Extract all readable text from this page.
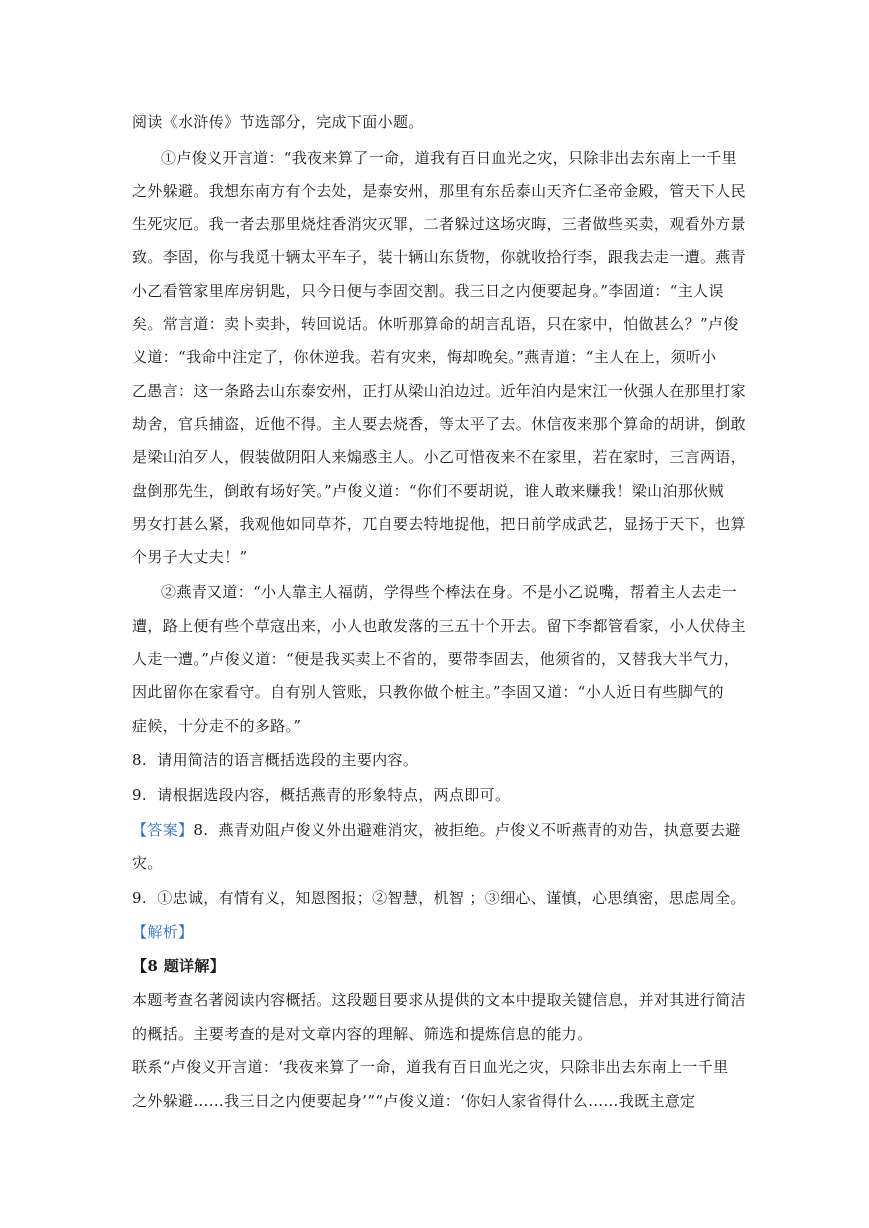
阅读《水浒传》节选部分，完成下面小题。
①卢俊义开言道：“我夜来算了一命，道我有百日血光之灾，只除非出去东南上一千里
之外躲避。我想东南方有个去处，是泰安州，那里有东岳泰山天齐仁圣帝金殿，管天下人民
生死灾厄。我一者去那里烧炷香消灾灭罪，二者躲过这场灾晦，三者做些买卖，观看外方景
致。李固，你与我觅十辆太平车子，装十辆山东货物，你就收拾行李，跟我去走一遭。燕青
小乙看管家里库房钥匙，只今日便与李固交割。我三日之内便要起身。”李固道：“主人误
矣。常言道：卖卜卖卦，转回说话。休听那算命的胡言乱语，只在家中，怕做甚么？”卢俊
义道：“我命中注定了，你休逆我。若有灾来，悔却晚矣。”燕青道：“主人在上，须听小
乙愚言：这一条路去山东泰安州，正打从梁山泊边过。近年泊内是宋江一伙强人在那里打家
劫舍，官兵捕盗，近他不得。主人要去烧香，等太平了去。休信夜来那个算命的胡讲，倒敢
是梁山泊歹人，假装做阴阳人来煽惑主人。小乙可惜夜来不在家里，若在家时，三言两语，
盘倒那先生，倒敢有场好笑。”卢俊义道：“你们不要胡说，谁人敢来赚我！梁山泊那伙贼
男女打甚么紧，我观他如同草芥，兀自要去特地捉他，把日前学成武艺，显扬于天下，也算
个男子大丈夫！”
②燕青又道：“小人靠主人福荫，学得些个棒法在身。不是小乙说嘴，帮着主人去走一
遭，路上便有些个草寇出来，小人也敢发落的三五十个开去。留下李都管看家，小人伏侍主
人走一遭。”卢俊义道：“便是我买卖上不省的，要带李固去，他须省的，又替我大半气力，
因此留你在家看守。自有别人管账，只教你做个桩主。”李固又道：“小人近日有些脚气的
症候，十分走不的多路。”
8.  请用简洁的语言概括选段的主要内容。
9.  请根据选段内容，概括燕青的形象特点，两点即可。
【答案】8.  燕青劝阻卢俊义外出避难消灾，被拒绝。卢俊义不听燕青的劝告，执意要去避
灾。
9.  ①忠诚，有情有义，知恩图报；②智慧，机智 ；③细心、谨慎，心思缜密，思虑周全。
【解析】
【8 题详解】
本题考查名著阅读内容概括。这段题目要求从提供的文本中提取关键信息，并对其进行简洁
的概括。主要考查的是对文章内容的理解、筛选和提炼信息的能力。
联系“卢俊义开言道：‘我夜来算了一命，道我有百日血光之灾，只除非出去东南上一千里
之外躲避……我三日之内便要起身’”“卢俊义道：‘你妇人家省得什么……我既主意定
